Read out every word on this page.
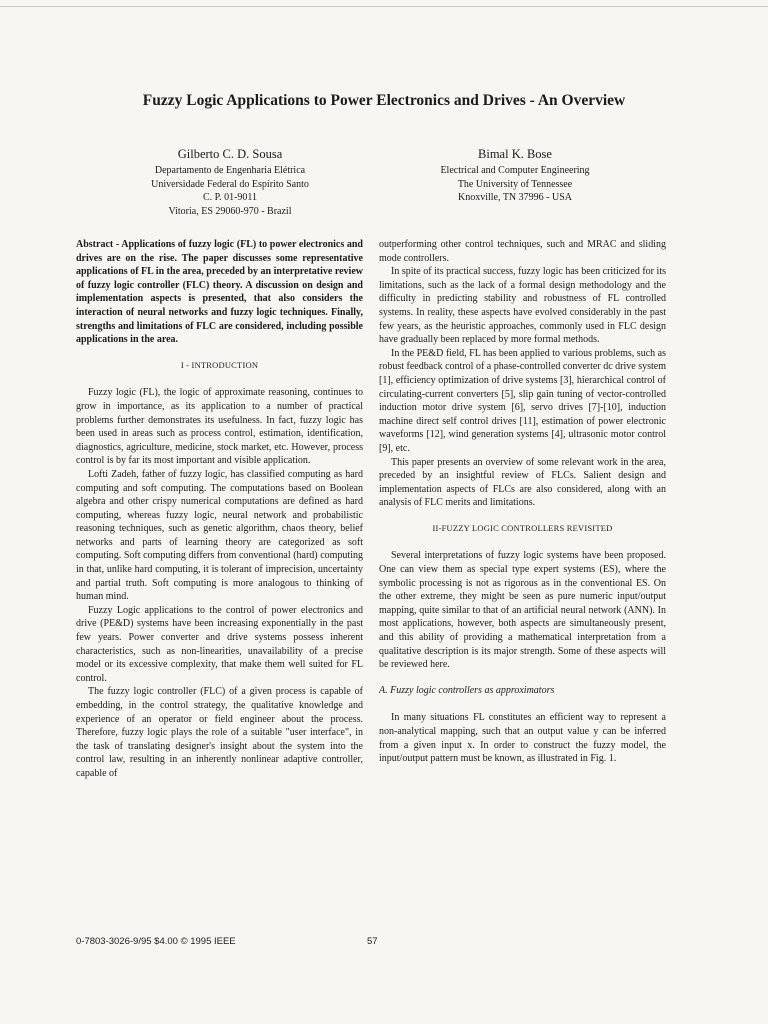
Fuzzy Logic Applications to Power Electronics and Drives - An Overview
Gilberto C. D. Sousa
Departamento de Engenharia Elétrica
Universidade Federal do Espírito Santo
C. P. 01-9011
Vitoria, ES 29060-970 - Brazil
Bimal K. Bose
Electrical and Computer Engineering
The University of Tennessee
Knoxville, TN 37996 - USA

Abstract - Applications of fuzzy logic (FL) to power electronics and drives are on the rise. The paper discusses some representative applications of FL in the area, preceded by an interpretative review of fuzzy logic controller (FLC) theory. A discussion on design and implementation aspects is presented, that also considers the interaction of neural networks and fuzzy logic techniques. Finally, strengths and limitations of FLC are considered, including possible applications in the area.

I - INTRODUCTION

Fuzzy logic (FL), the logic of approximate reasoning, continues to grow in importance, as its application to a number of practical problems further demonstrates its usefulness. In fact, fuzzy logic has been used in areas such as process control, estimation, identification, diagnostics, agriculture, medicine, stock market, etc. However, process control is by far its most important and visible application.

Lofti Zadeh, father of fuzzy logic, has classified computing as hard computing and soft computing. The computations based on Boolean algebra and other crispy numerical computations are defined as hard computing, whereas fuzzy logic, neural network and probabilistic reasoning techniques, such as genetic algorithm, chaos theory, belief networks and parts of learning theory are categorized as soft computing. Soft computing differs from conventional (hard) computing in that, unlike hard computing, it is tolerant of imprecision, uncertainty and partial truth. Soft computing is more analogous to thinking of human mind.

Fuzzy Logic applications to the control of power electronics and drive (PE&D) systems have been increasing exponentially in the past few years. Power converter and drive systems possess inherent characteristics, such as non-linearities, unavailability of a precise model or its excessive complexity, that make them well suited for FL control.

The fuzzy logic controller (FLC) of a given process is capable of embedding, in the control strategy, the qualitative knowledge and experience of an operator or field engineer about the process. Therefore, fuzzy logic plays the role of a suitable "user interface", in the task of translating designer's insight about the system into the control law, resulting in an inherently nonlinear adaptive controller, capable of

outperforming other control techniques, such and MRAC and sliding mode controllers.

In spite of its practical success, fuzzy logic has been criticized for its limitations, such as the lack of a formal design methodology and the difficulty in predicting stability and robustness of FL controlled systems. In reality, these aspects have evolved considerably in the past few years, as the heuristic approaches, commonly used in FLC design have gradually been replaced by more formal methods.

In the PE&D field, FL has been applied to various problems, such as robust feedback control of a phase-controlled converter dc drive system [1], efficiency optimization of drive systems [3], hierarchical control of circulating-current converters [5], slip gain tuning of vector-controlled induction motor drive system [6], servo drives [7]-[10], induction machine direct self control drives [11], estimation of power electronic waveforms [12], wind generation systems [4], ultrasonic motor control [9], etc.

This paper presents an overview of some relevant work in the area, preceded by an insightful review of FLCs. Salient design and implementation aspects of FLCs are also considered, along with an analysis of FLC merits and limitations.

II-FUZZY LOGIC CONTROLLERS REVISITED

Several interpretations of fuzzy logic systems have been proposed. One can view them as special type expert systems (ES), where the symbolic processing is not as rigorous as in the conventional ES. On the other extreme, they might be seen as pure numeric input/output mapping, quite similar to that of an artificial neural network (ANN). In most applications, however, both aspects are simultaneously present, and this ability of providing a mathematical interpretation from a qualitative description is its major strength. Some of these aspects will be reviewed here.

A. Fuzzy logic controllers as approximators

In many situations FL constitutes an efficient way to represent a non-analytical mapping, such that an output value y can be inferred from a given input x. In order to construct the fuzzy model, the input/output pattern must be known, as illustrated in Fig. 1.

0-7803-3026-9/95 $4.00 © 1995 IEEE	57
